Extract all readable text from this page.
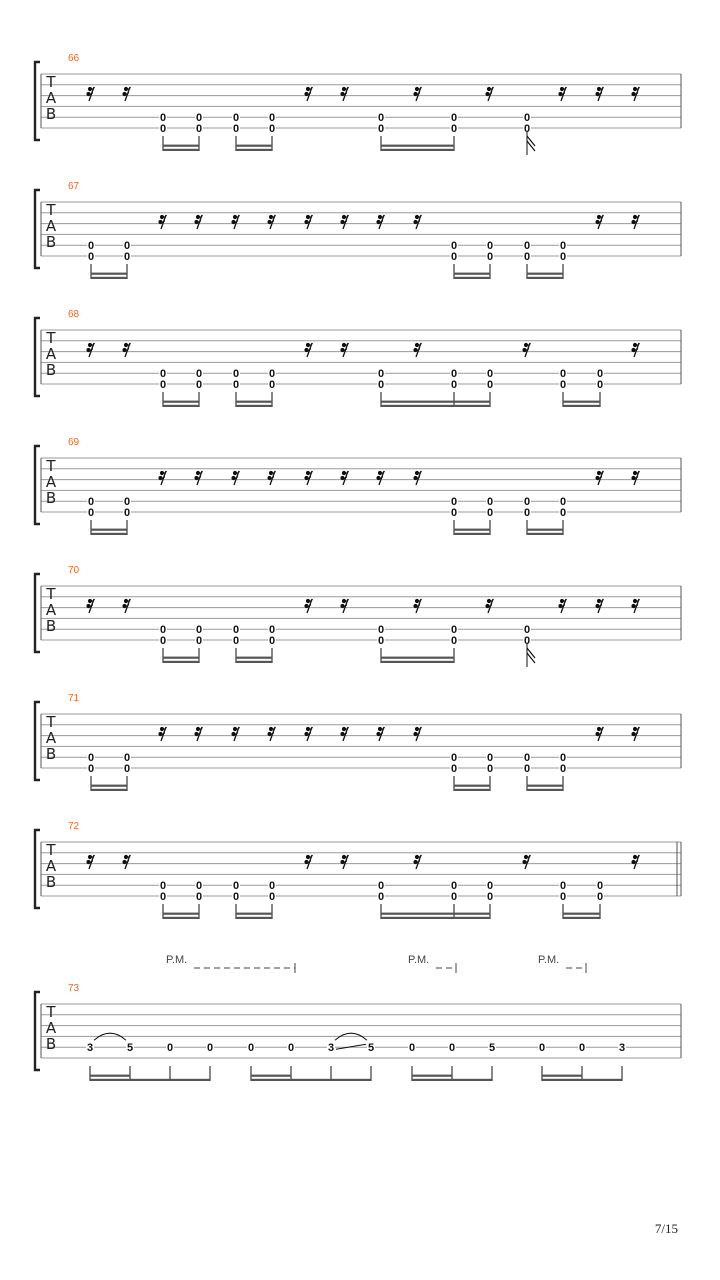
T
A
B
66
0
0
0
0
0
0
0
0
0
0
0
0
0
0
T
A
B
67
0
0
0
0
0
0
0
0
0
0
0
0
T
A
B
68
0
0
0
0
0
0
0
0
0
0
0
0
0
0
0
0
0
0
T
A
B
69
0
0
0
0
0
0
0
0
0
0
0
0
T
A
B
70
0
0
0
0
0
0
0
0
0
0
0
0
0
0
T
A
B
71
0
0
0
0
0
0
0
0
0
0
0
0
T
A
B
72
0
0
0
0
0
0
0
0
0
0
0
0
0
0
0
0
0
0
T
A
B
73
3	5	0	0	0	0	3	5	0	0	5	0	0	3
P.M.	P.M.	P.M.
7/15
